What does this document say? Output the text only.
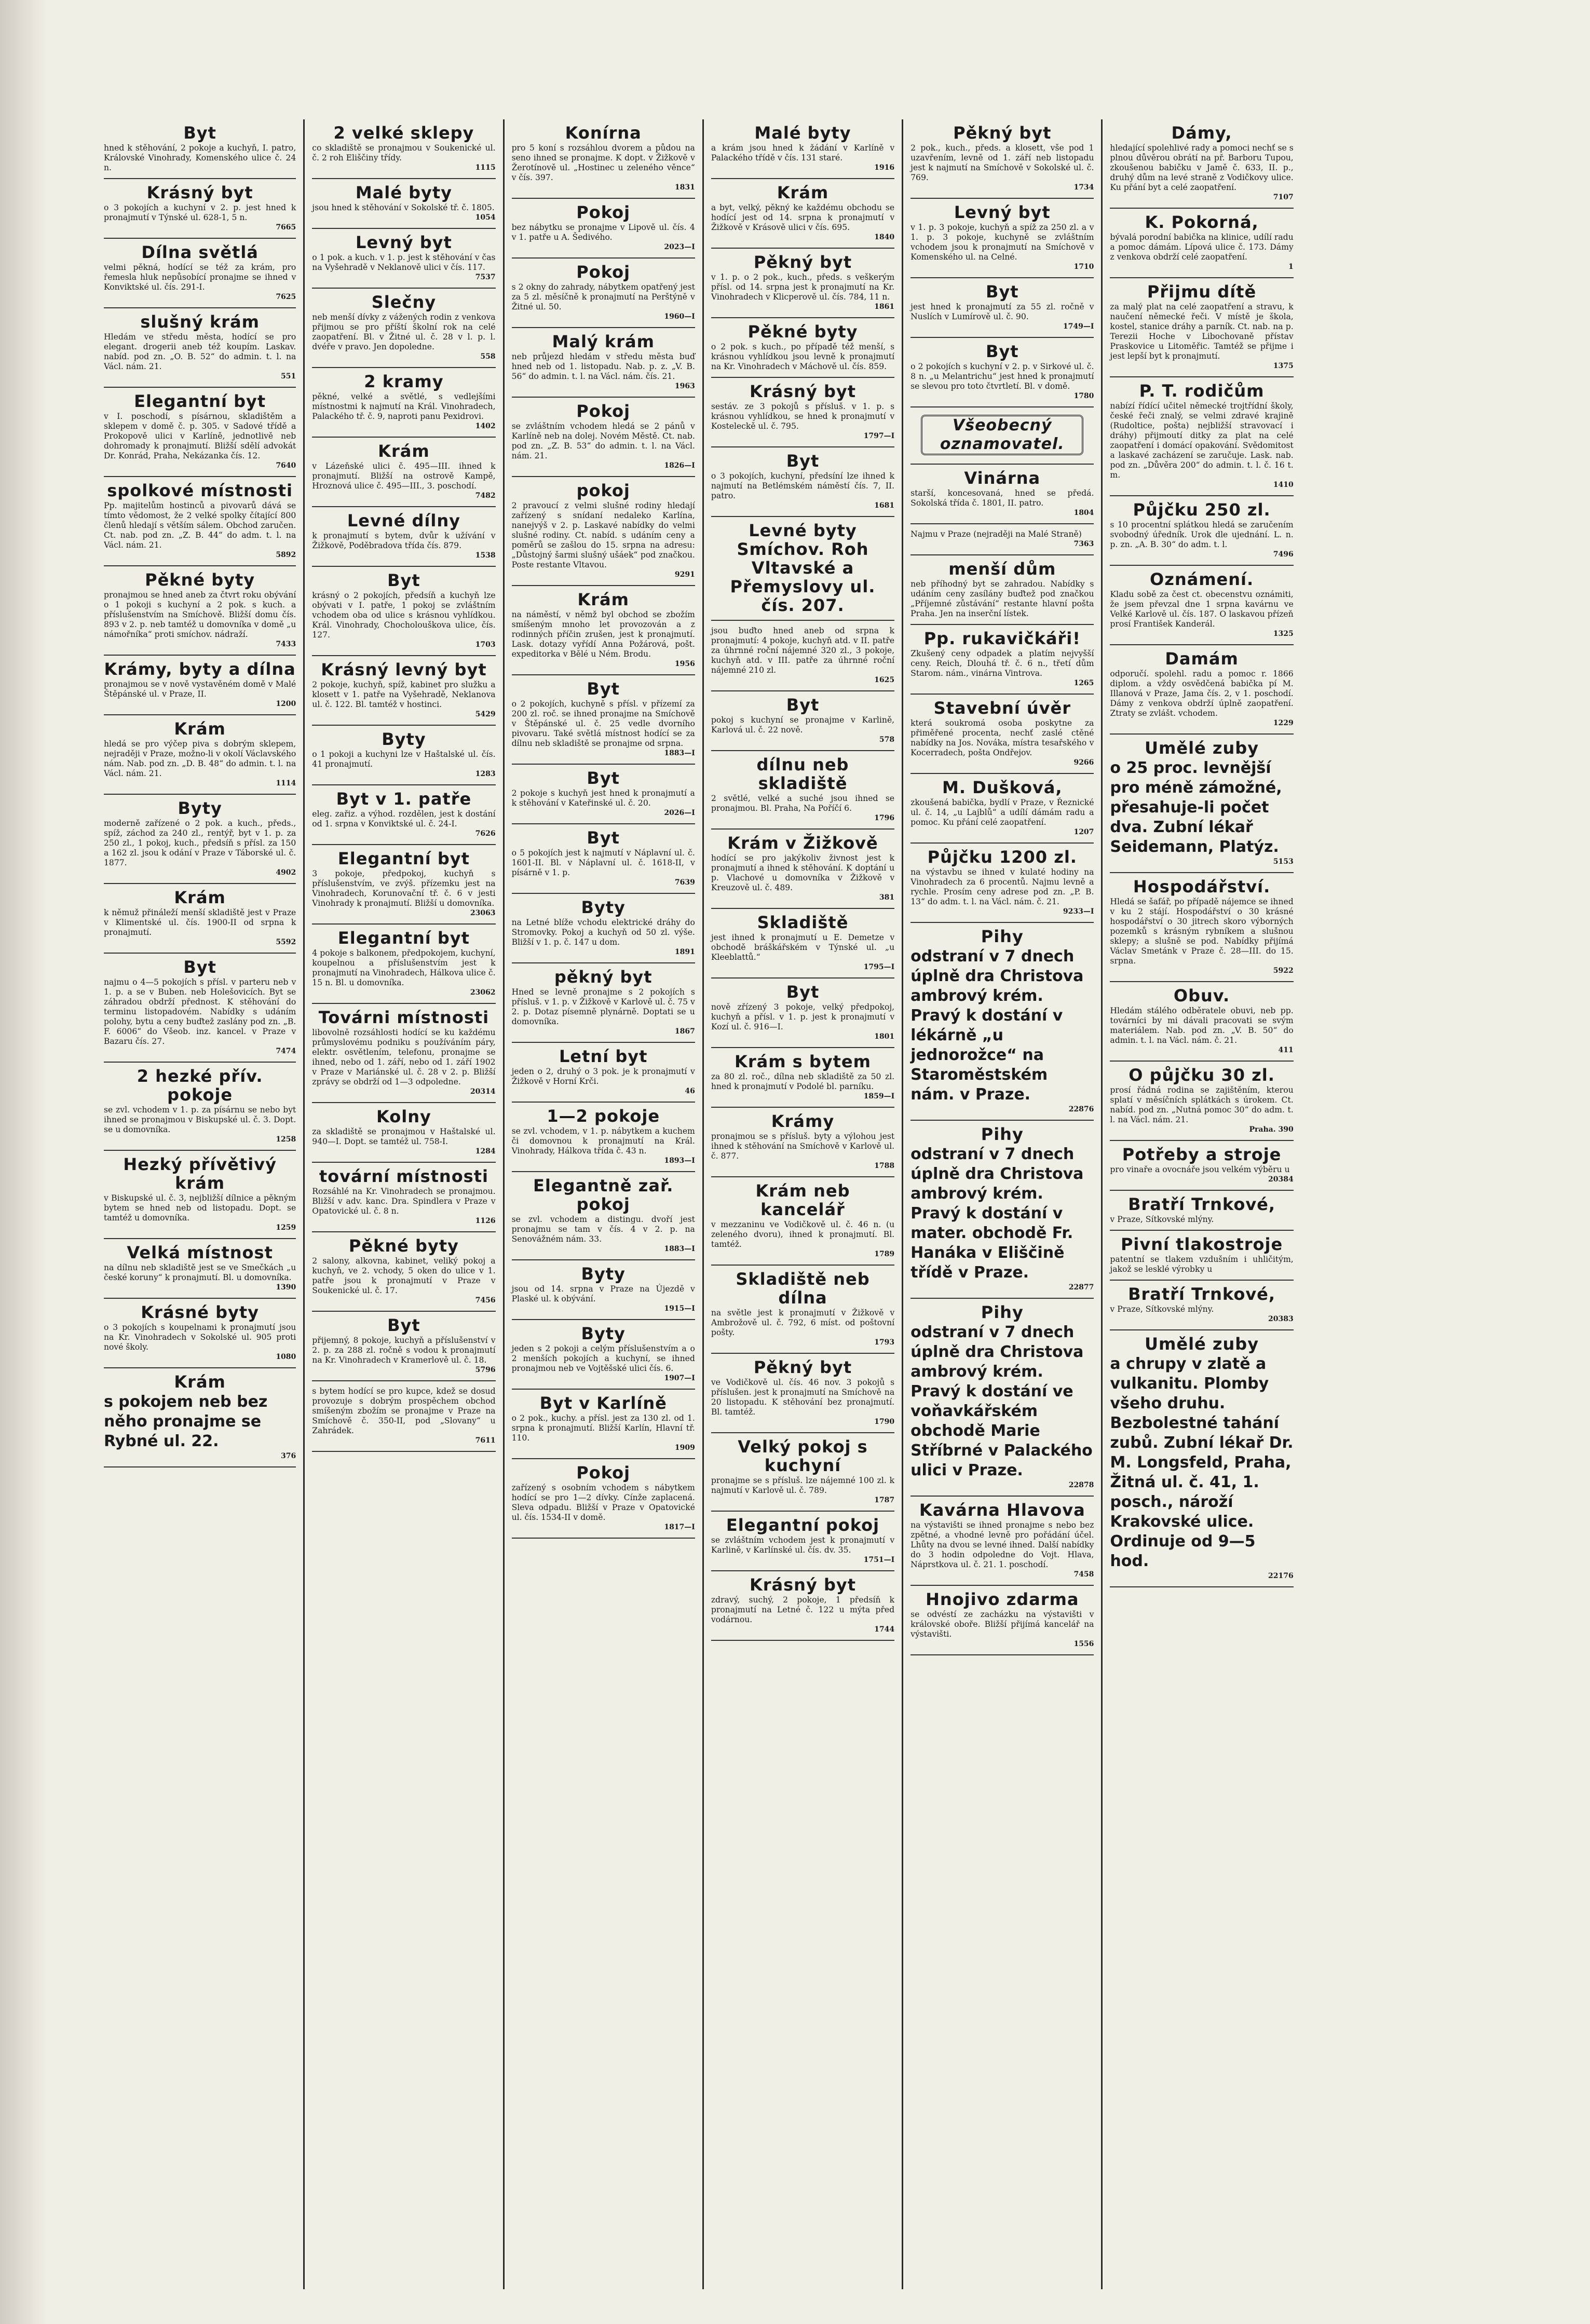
Byt
hned k stěhování, 2 pokoje a kuchyň, I. patro, Královské Vinohrady, Komenského ulice č. 24 n.
Krásný byt
o 3 pokojích a kuchyní v 2. p. jest hned k pronajmutí v Týnské ul. 628-1, 5 n.
7665
Dílna světlá
velmi pěkná, hodící se též za krám, pro řemesla hluk nepůsobící pronajme se ihned v Konviktské ul. čís. 291-I.
7625
slušný krám
Hledám ve středu města, hodící se pro elegant. drogerii aneb též koupím. Laskav. nabíd. pod zn. „O. B. 52“ do admin. t. l. na Václ. nám. 21.
551
Elegantní byt
v I. poschodí, s písárnou, skladištěm a sklepem v domě č. p. 305. v Sadové třídě a Prokopově ulici v Karlíně, jednotlivě neb dohromady k pronajmutí. Bližší sdělí advokát Dr. Konrád, Praha, Nekázanka čís. 12.
7640
spolkové místnosti
Pp. majitelům hostinců a pivovarů dává se tímto vědomost, že 2 velké spolky čítající 800 členů hledají s větším sálem. Obchod zaručen. Ct. nab. pod zn. „Z. B. 44“ do adm. t. l. na Václ. nám. 21.
5892
Pěkné byty
pronajmou se hned aneb za čtvrt roku obývání o 1 pokoji s kuchyní a 2 pok. s kuch. a příslušenstvím na Smíchově. Bližší domu čís. 893 v 2. p. neb tamtéž u domovníka v domě „u námořníka“ proti smíchov. nádraží.
7433
Krámy, byty a dílna
pronajmou se v nově vystavěném domě v Malé Štěpánské ul. v Praze, II.
1200
Krám
hledá se pro výčep piva s dobrým sklepem, nejraději v Praze, možno-li v okolí Václavského nám. Nab. pod zn. „D. B. 48“ do admin. t. l. na Václ. nám. 21.
1114
Byty
moderně zařízené o 2 pok. a kuch., předs., spíž, záchod za 240 zl., rentýř, byt v 1. p. za 250 zl., 1 pokoj, kuch., předsíň s přísl. za 150 a 162 zl. jsou k odání v Praze v Táborské ul. č. 1877.
4902
Krám
k němuž přináleží menší skladiště jest v Praze v Klimentské ul. čís. 1900-II od srpna k pronajmutí.
5592
Byt
najmu o 4—5 pokojích s přísl. v parteru neb v 1. p. a se v Buben. neb Holešovicích. Byt se záhradou obdrží přednost. K stěhování do terminu listopadovém. Nabídky s udáním polohy, bytu a ceny buďtež zaslány pod zn. „B. F. 6006“ do Všeob. inz. kancel. v Praze v Bazaru čís. 27.
7474
2 hezké přív. pokoje
se zvl. vchodem v 1. p. za písárnu se nebo byt ihned se pronajmou v Biskupské ul. č. 3. Dopt. se u domovníka.
1258
Hezký přívětivý krám
v Biskupské ul. č. 3, nejbližší dílnice a pěkným bytem se hned neb od listopadu. Dopt. se tamtéž u domovníka.
1259
Velká místnost
na dílnu neb skladiště jest se ve Smečkách „u české koruny“ k pronajmutí. Bl. u domovníka.
1390
Krásné byty
o 3 pokojích s koupelnami k pronajmutí jsou na Kr. Vinohradech v Sokolské ul. 905 proti nové školy.
1080
Krám
s pokojem neb bez něho pronajme se Rybné ul. 22.
376
2 velké sklepy
co skladiště se pronajmou v Soukenické ul. č. 2 roh Eliščiny třídy.
1115
Malé byty
jsou hned k stěhování v Sokolské tř. č. 1805.
1054
Levný byt
o 1 pok. a kuch. v 1. p. jest k stěhování v čas na Vyšehradě v Neklanově ulici v čís. 117.
7537
Slečny
neb menší dívky z vážených rodin z venkova přijmou se pro příští školní rok na celé zaopatření. Bl. v Žitné ul. č. 28 v l. p. l. dvéře v pravo. Jen dopoledne.
558
2 kramy
pěkné, velké a světlé, s vedlejšími místnostmi k najmutí na Král. Vinohradech, Palackého tř. č. 9, naproti panu Pexidrovi.
1402
Krám
v Lázeňské ulici č. 495—III. ihned k pronajmutí. Bližší na ostrově Kampě, Hroznová ulice č. 495—III., 3. poschodí.
7482
Levné dílny
k pronajmutí s bytem, dvůr k užívání v Žižkově, Poděbradova třída čís. 879.
1538
Byt
krásný o 2 pokojích, předsíň a kuchyň lze obývati v I. patře, 1 pokoj se zvláštním vchodem oba od ulice s krásnou vyhlídkou. Král. Vinohrady, Chocholouškova ulice, čís. 127.
1703
Krásný levný byt
2 pokoje, kuchyň, spíž, kabinet pro služku a klosett v 1. patře na Vyšehradě, Neklanova ul. č. 122. Bl. tamtéž v hostinci.
5429
Byty
o 1 pokoji a kuchyni lze v Haštalské ul. čís. 41 pronajmutí.
1283
Byt v 1. patře
eleg. zařiz. a výhod. rozdělen, jest k dostání od 1. srpna v Konviktské ul. č. 24-I.
7626
Elegantní byt
3 pokoje, předpokoj, kuchyň s příslušenstvím, ve zvýš. přízemku jest na Vinohradech, Korunovační tř. č. 6 v jesti Vinohrady k pronajmutí. Bližší u domovníka.
23063
Elegantní byt
4 pokoje s balkonem, předpokojem, kuchyní, koupelnou a příslušenstvím jest k pronajmutí na Vinohradech, Hálkova ulice č. 15 n. Bl. u domovníka.
23062
Továrni místnosti
libovolně rozsáhlosti hodící se ku každému průmyslovému podniku s používáním páry, elektr. osvětlením, telefonu, pronajme se ihned, nebo od 1. září, nebo od 1. září 1902 v Praze v Mariánské ul. č. 28 v 2. p. Bližší zprávy se obdrží od 1—3 odpoledne.
20314
Kolny
za skladiště se pronajmou v Haštalské ul. 940—I. Dopt. se tamtéž ul. 758-I.
1284
tovární místnosti
Rozsáhlé na Kr. Vinohradech se pronajmou. Bližší v adv. kanc. Dra. Spindlera v Praze v Opatovické ul. č. 8 n.
1126
Pěkné byty
2 salony, alkovna, kabinet, veliký pokoj a kuchyň, ve 2. vchody, 5 oken do ulice v 1. patře jsou k pronajmutí v Praze v Soukenické ul. č. 17.
7456
Byt
přijemný, 8 pokoje, kuchyň a příslušenství v 2. p. za 288 zl. ročně s vodou k pronajmutí na Kr. Vinohradech v Kramerlově ul. č. 18.
5796
s bytem hodící se pro kupce, kdež se dosud provozuje s dobrým prospěchem obchod smíšeným zbožím se pronajme v Praze na Smíchově č. 350-II, pod „Slovany“ u Zahrádek.
7611
Konírna
pro 5 koní s rozsáhlou dvorem a půdou na seno ihned se pronajme. K dopt. v Žižkově v Žerotínově ul. „Hostinec u zeleného věnce“ v čís. 397.
1831
Pokoj
bez nábytku se pronajme v Lipově ul. čís. 4 v 1. patře u A. Šedivého.
2023—I
Pokoj
s 2 okny do zahrady, nábytkem opatřený jest za 5 zl. měsíčně k pronajmutí na Perštýně v Žitné ul. 50.
1960—I
Malý krám
neb průjezd hledám v středu města buď hned neb od 1. listopadu. Nab. p. z. „V. B. 56“ do admin. t. l. na Václ. nám. čís. 21.
1963
Pokoj
se zvláštním vchodem hledá se 2 pánů v Karlíně neb na dolej. Novém Městě. Ct. nab. pod zn. „Z. B. 53“ do admin. t. l. na Václ. nám. 21.
1826—I
pokoj
2 pravoucí z velmi slušné rodiny hledají zařízený s snídaní nedaleko Karlína, nanejvýš v 2. p. Laskavé nabídky do velmi slušné rodiny. Ct. nabíd. s udáním ceny a poměrů se zašlou do 15. srpna na adresu: „Důstojný šarmi slušný ušáek“ pod značkou. Poste restante Vltavou.
9291
Krám
na náměstí, v němž byl obchod se zbožím smíšeným mnoho let provozován a z rodinných příčin zrušen, jest k pronajmutí. Lask. dotazy vyřídí Anna Požárová, pošt. expeditorka v Bělé u Ném. Brodu.
1956
Byt
o 2 pokojích, kuchyně s přísl. v přízemí za 200 zl. roč. se ihned pronajme na Smíchově v Štěpánské ul. č. 25 vedle dvorního pivovaru. Také světlá místnost hodící se za dílnu neb skladiště se pronajme od srpna.
1883—I
Byt
2 pokoje s kuchyň jest hned k pronajmutí a k stěhování v Kateřinské ul. č. 20.
2026—I
Byt
o 5 pokojích jest k najmutí v Náplavní ul. č. 1601-II. Bl. v Náplavní ul. č. 1618-II, v písárně v 1. p.
7639
Byty
na Letné blíže vchodu elektrické dráhy do Stromovky. Pokoj a kuchyň od 50 zl. výše. Bližší v 1. p. č. 147 u dom.
1891
pěkný byt
Hned se levně pronajme s 2 pokojích s přísluš. v 1. p. v Žižkově v Karlově ul. č. 75 v 2. p. Dotaz písemně plynárně. Doptati se u domovníka.
1867
Letní byt
jeden o 2, druhý o 3 pok. je k pronajmutí v Žižkově v Horní Krči.
46
1—2 pokoje
se zvl. vchodem, v 1. p. nábytkem a kuchem či domovnou k pronajmutí na Král. Vinohrady, Hálkova třída č. 43 n.
1893—I
Elegantně zař. pokoj
se zvl. vchodem a distingu. dvoří jest pronajmu se tam v čís. 4 v 2. p. na Senovážném nám. 33.
1883—I
Byty
jsou od 14. srpna v Praze na Újezdě v Plaské ul. k obývání.
1915—I
Byty
jeden s 2 pokoji a celým příslušenstvím a o 2 menších pokojích a kuchyní, se ihned pronajmou neb ve Vojtěšské ulici čís. 6.
1907—I
Byt v Karlíně
o 2 pok., kuchy. a přísl. jest za 130 zl. od 1. srpna k pronajmutí. Bližší Karlín, Hlavní tř. 110.
1909
Pokoj
zařízený s osobním vchodem s nábytkem hodící se pro 1—2 dívky. Cínže zaplacená. Sleva odpadu. Bližší v Praze v Opatovické ul. čís. 1534-II v domě.
1817—I
Malé byty
a krám jsou hned k žádání v Karlíně v Palackého třídě v čís. 131 staré.
1916
Krám
a byt, velký, pěkný ke každému obchodu se hodící jest od 14. srpna k pronajmutí v Žižkově v Krásově ulici v čís. 695.
1840
Pěkný byt
v 1. p. o 2 pok., kuch., předs. s veškerým přísl. od 14. srpna jest k pronajmutí na Kr. Vinohradech v Klicperově ul. čís. 784, 11 n.
1861
Pěkné byty
o 2 pok. s kuch., po případě též menší, s krásnou vyhlídkou jsou levně k pronajmutí na Kr. Vinohradech v Máchově ul. čís. 859.
Krásný byt
sestáv. ze 3 pokojů s přísluš. v 1. p. s krásnou vyhlídkou, se hned k pronajmutí v Kosteleckě ul. č. 795.
1797—I
Byt
o 3 pokojích, kuchyní, předsíní lze ihned k najmutí na Betlémském náměstí čís. 7, II. patro.
1681
Levné byty Smíchov. Roh Vltavské a Přemyslovy ul. čís. 207.
jsou buďto hned aneb od srpna k pronajmutí: 4 pokoje, kuchyň atd. v II. patře za úhrnné roční nájemné 320 zl., 3 pokoje, kuchyň atd. v III. patře za úhrnné roční nájemné 210 zl.
1625
Byt
pokoj s kuchyní se pronajme v Karlině, Karlová ul. č. 22 nově.
578
dílnu neb skladiště
2 světlé, velké a suché jsou ihned se pronajmou. Bl. Praha, Na Poříčí 6.
1796
Krám v Žižkově
hodící se pro jakýkoliv živnost jest k pronajmutí a ihned k stěhování. K doptání u p. Vlachové u domovníka v Žižkově v Kreuzově ul. č. 489.
381
Skladiště
jest ihned k pronajmutí u E. Demetze v obchodě bráškářském v Týnské ul. „u Kleeblattů.“
1795—I
Byt
nově zřízený 3 pokoje, velký předpokoj, kuchyň a přísl. v 1. p. jest k pronajmutí v Kozí ul. č. 916—I.
1801
Krám s bytem
za 80 zl. roč., dílna neb skladiště za 50 zl. hned k pronajmutí v Podolé bl. parníku.
1859—I
Krámy
pronajmou se s přísluš. byty a výlohou jest ihned k stěhování na Smíchově v Karlově ul. č. 877.
1788
Krám neb kancelář
v mezzaninu ve Vodičkově ul. č. 46 n. (u zeleného dvoru), ihned k pronajmutí. Bl. tamtéž.
1789
Skladiště neb dílna
na světle jest k pronajmutí v Žižkově v Ambrožově ul. č. 792, 6 míst. od poštovní pošty.
1793
Pěkný byt
ve Vodičkově ul. čís. 46 nov. 3 pokojů s příslušen. jest k pronajmutí na Smíchově na 20 listopadu. K stěhování bez pronajmutí. Bl. tamtéž.
1790
Velký pokoj s kuchyní
pronajme se s přísluš. lze nájemné 100 zl. k najmutí v Karlově ul. č. 789.
1787
Elegantní pokoj
se zvláštním vchodem jest k pronajmutí v Karlině, v Karlínské ul. čís. dv. 35.
1751—I
Krásný byt
zdravý, suchý, 2 pokoje, 1 předsíň k pronajmutí na Letné č. 122 u mýta před vodárnou.
1744
Pěkný byt
2 pok., kuch., předs. a klosett, vše pod 1 uzavřením, levně od 1. září neb listopadu jest k najmutí na Smíchově v Sokolské ul. č. 769.
1734
Levný byt
v 1. p. 3 pokoje, kuchyň a spíž za 250 zl. a v 1. p. 3 pokoje, kuchyně se zvláštním vchodem jsou k pronajmutí na Smíchově v Komenského ul. na Celné.
1710
Byt
jest hned k pronajmutí za 55 zl. ročně v Nuslích v Lumírově ul. č. 90.
1749—I
Byt
o 2 pokojích s kuchyní v 2. p. v Sirkové ul. č. 8 n. „u Melantrichu“ jest hned k pronajmutí se slevou pro toto čtvrtletí. Bl. v domě.
1780
Všeobecný oznamovatel.
Vinárna
starší, koncesovaná, hned se předá. Sokolská třída č. 1801, II. patro.
1804
Najmu v Praze (nejraději na Malé Straně)
7363
menší dům
neb příhodný byt se zahradou. Nabídky s udáním ceny zasílány buďtež pod značkou „Příjemné zůstávání“ restante hlavní pošta Praha. Jen na inserční lístek.
Pp. rukavičkáři!
Zkušený ceny odpadek a platím nejvyšší ceny. Reich, Dlouhá tř. č. 6 n., třetí dům Starom. nám., vinárna Vintrova.
1265
Stavební úvěr
která soukromá osoba poskytne za přiměřené procenta, nechť zaslé ctěné nabídky na Jos. Nováka, místra tesařského v Kocerradech, pošta Ondřejov.
9266
M. Dušková,
zkoušená babička, bydlí v Praze, v Řeznické ul. č. 14, „u Lajblů“ a udílí dámám radu a pomoc. Ku přání celé zaopatření.
1207
Půjčku 1200 zl.
na výstavbu se ihned v kulaté hodiny na Vinohradech za 6 procentů. Najmu levně a rychle. Prosím ceny adrese pod zn. „P. B. 13“ do adm. t. l. na Václ. nám. č. 21.
9233—I
Pihy
odstraní v 7 dnech úplně dra Christova ambrový krém. Pravý k dostání v lékárně „u jednorožce“ na Staroměstském nám. v Praze.
22876
Pihy
odstraní v 7 dnech úplně dra Christova ambrový krém. Pravý k dostání v mater. obchodě Fr. Hanáka v Eliščině třídě v Praze.
22877
Pihy
odstraní v 7 dnech úplně dra Christova ambrový krém. Pravý k dostání ve voňavkářském obchodě Marie Stříbrné v Palackého ulici v Praze.
22878
Kavárna Hlavova
na výstavišti se ihned pronajme s nebo bez zpětné, a vhodné levně pro pořádání účel. Lhůty na dvou se levné ihned. Další nabídky do 3 hodin odpoledne do Vojt. Hlava, Náprstkova ul. č. 21. 1. poschodí.
7458
Hnojivo zdarma
se odvéstí ze zacházku na výstavišti v královské oboře. Bližší přijímá kancelář na výstavišti.
1556
Dámy,
hledající spolehlivé rady a pomoci nechť se s plnou důvěrou obrátí na př. Barboru Tupou, zkoušenou babičku v Jamě č. 633, II. p., druhý dům na levé straně z Vodičkovy ulice. Ku přání byt a celé zaopatření.
7107
K. Pokorná,
bývalá porodní babička na klinice, udílí radu a pomoc dámám. Lípová ulice č. 173. Dámy z venkova obdrží celé zaopatření.
1
Přijmu dítě
za malý plat na celé zaopatření a stravu, k naučení německé řeči. V místě je škola, kostel, stanice dráhy a parník. Ct. nab. na p. Terezii Hoche v Libochovaně přístav Praskovice u Litoměřic. Tamtéž se přijme i jest lepší byt k pronajmutí.
1375
P. T. rodičům
nabízí řídící učitel německé trojtřídní školy, české řeči znalý, se velmi zdravé krajině (Rudoltice, pošta) nejbližší stravovací i dráhy) přijmoutí ditky za plat na celé zaopatření i domácí opakování. Svědomitost a laskavé zacházení se zaručuje. Lask. nab. pod zn. „Důvěra 200“ do admin. t. l. č. 16 t. m.
1410
Půjčku 250 zl.
s 10 procentní splátkou hledá se zaručením svobodný úředník. Urok dle ujednání. L. n. p. zn. „A. B. 30“ do adm. t. l.
7496
Oznámení.
Kladu sobě za čest ct. obecenstvu oznámiti, že jsem převzal dne 1 srpna kavárnu ve Velké Karlově ul. čís. 187. O laskavou přízeň prosí František Kanderál.
1325
Damám
odporučí. spolehl. radu a pomoc r. 1866 diplom. a vždy osvědčená babička pí M. Illanová v Praze, Jama čís. 2, v 1. poschodí. Dámy z venkova obdrží úplně zaopatření. Ztraty se zvlášt. vchodem.
1229
Umělé zuby
o 25 proc. levnější pro méně zámožné, přesahuje-li počet dva. Zubní lékař Seidemann, Platýz.
5153
Hospodářství.
Hledá se šafář, po případě nájemce se ihned v ku 2 stájí. Hospodářství o 30 krásné hospodářství o 30 jitrech skoro výborných pozemků s krásným rybníkem a slušnou sklepy; a slušně se pod. Nabídky přijímá Václav Smetánk v Praze č. 28—III. do 15. srpna.
5922
Obuv.
Hledám stálého odběratele obuvi, neb pp. továrníci by mi dávali pracovati se svým materiálem. Nab. pod zn. „V. B. 50“ do admin. t. l. na Václ. nám. č. 21.
411
O půjčku 30 zl.
prosí řádná rodina se zajištěním, kterou splatí v měsíčních splátkách s úrokem. Ct. nabíd. pod zn. „Nutná pomoc 30“ do adm. t. l. na Václ. nám. 21.
Praha. 390
Potřeby a stroje
pro vinaře a ovocnáře jsou velkém výběru u
20384
Bratří Trnkové,
v Praze, Sítkovské mlýny.
Pivní tlakostroje
patentní se tlakem vzdušním i uhličitým, jakož se lesklé výrobky u
Bratří Trnkové,
v Praze, Sítkovské mlýny.
20383
Umělé zuby
a chrupy v zlatě a vulkanitu. Plomby všeho druhu. Bezbolestné tahání zubů. Zubní lékař Dr. M. Longsfeld, Praha, Žitná ul. č. 41, 1. posch., nároží Krakovské ulice. Ordinuje od 9—5 hod.
22176
